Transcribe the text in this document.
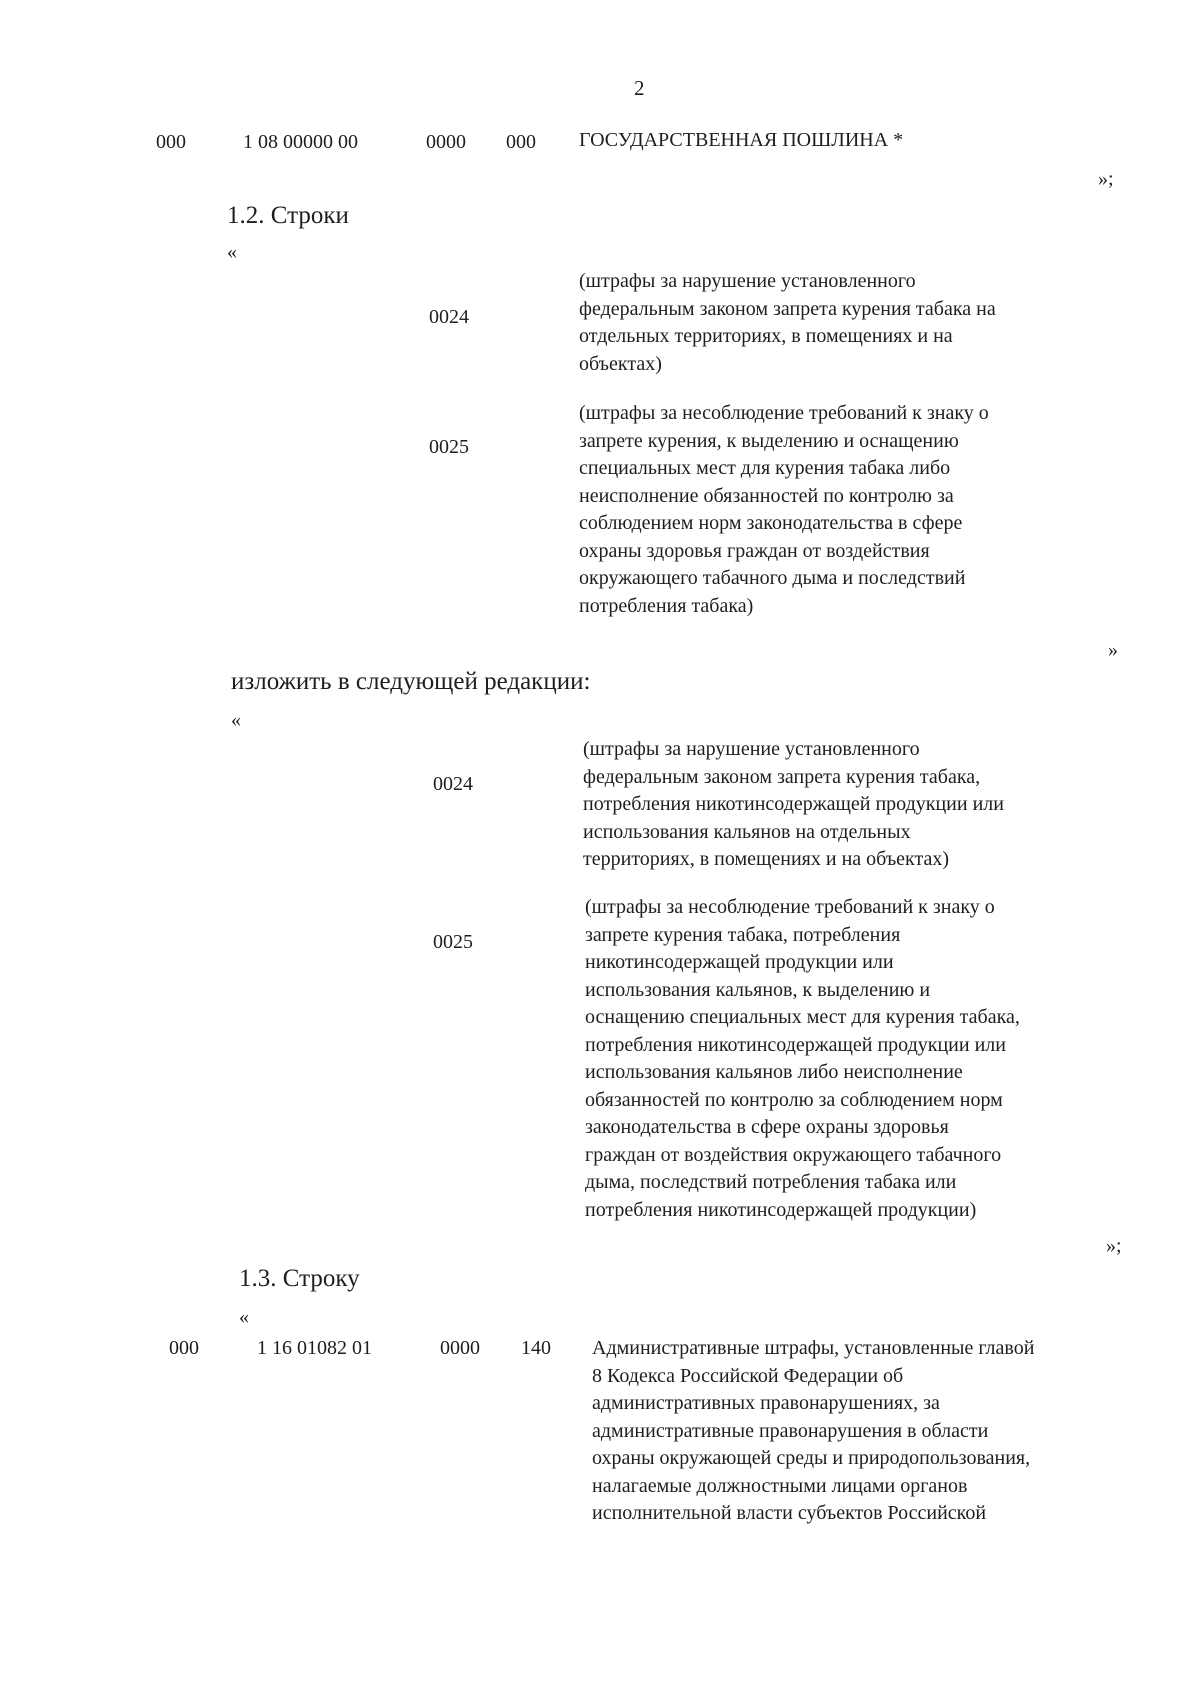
2
000	1 08 00000 00	0000 000 ГОСУДАРСТВЕННАЯ ПОШЛИНА *
»;
1.2. Строки
«
0024
(штрафы за нарушение установленного
федеральным законом запрета курения табака на
отдельных территориях, в помещениях и на
объектах)
0025
(штрафы за несоблюдение требований к знаку о
запрете курения, к выделению и оснащению
специальных мест для курения табака либо
неисполнение обязанностей по контролю за
соблюдением норм законодательства в сфере
охраны здоровья граждан от воздействия
окружающего табачного дыма и последствий
потребления табака)
»
изложить в следующей редакции:
«
0024
(штрафы за нарушение установленного
федеральным законом запрета курения табака,
потребления никотинсодержащей продукции или
использования кальянов на отдельных
территориях, в помещениях и на объектах)
0025
(штрафы за несоблюдение требований к знаку о
запрете курения табака, потребления
никотинсодержащей продукции или
использования кальянов, к выделению и
оснащению специальных мест для курения табака,
потребления никотинсодержащей продукции или
использования кальянов либо неисполнение
обязанностей по контролю за соблюдением норм
законодательства в сфере охраны здоровья
граждан от воздействия окружающего табачного
дыма, последствий потребления табака или
потребления никотинсодержащей продукции)
»;
1.3. Строку
«
000	1 16 01082 01	0000 140 Административные штрафы, установленные главой
8 Кодекса Российской Федерации об
административных правонарушениях, за
административные правонарушения в области
охраны окружающей среды и природопользования,
налагаемые должностными лицами органов
исполнительной власти субъектов Российской
